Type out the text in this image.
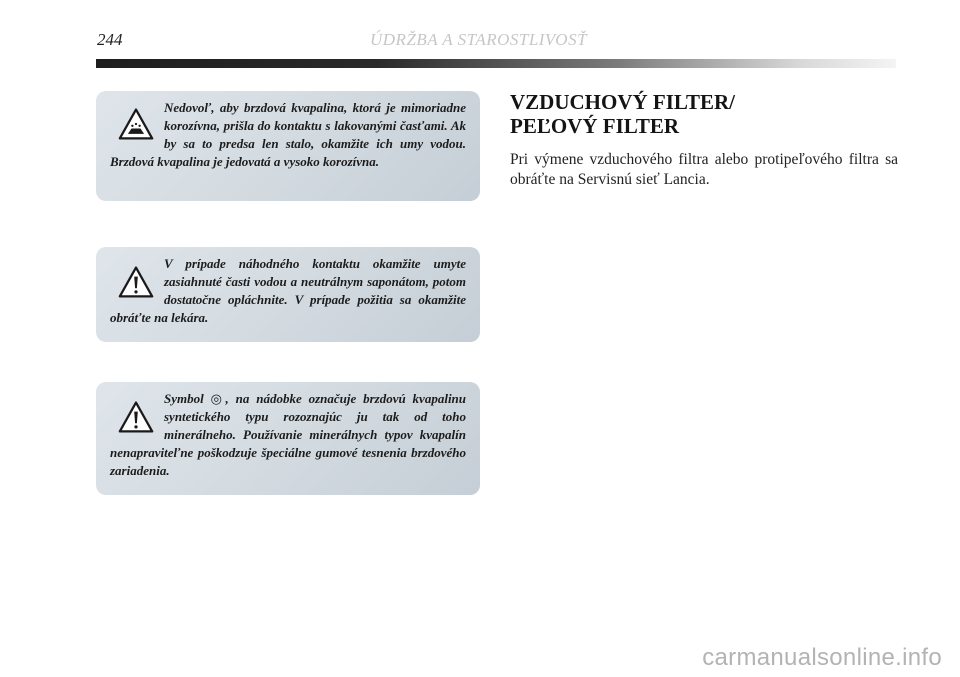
244	ÚDRŽBA A STAROSTLIVOSŤ
Nedovoľ, aby brzdová kvapalina, ktorá je mimoriadne korozívna, prišla do kontaktu s lakovanými časťami. Ak by sa to predsa len stalo, okamžite ich umy vodou. Brzdová kvapalina je jedovatá a vysoko korozívna.
V prípade náhodného kontaktu okamžite umyte zasiahnuté časti vodou a neutrálnym saponátom, potom dostatočne opláchnite. V prípade požitia sa okamžite obráťte na lekára.
Symbol ◎, na nádobke označuje brzdovú kvapalinu syntetického typu rozoznajúc ju tak od toho minerálneho. Používanie minerálnych typov kvapalín nenapraviteľne poškodzuje špeciálne gumové tesnenia brzdového zariadenia.
VZDUCHOVÝ FILTER/
PEĽOVÝ FILTER

Pri výmene vzduchového filtra alebo protipeľového filtra sa obráťte na Servisnú sieť Lancia.

carmanualsonline.info
